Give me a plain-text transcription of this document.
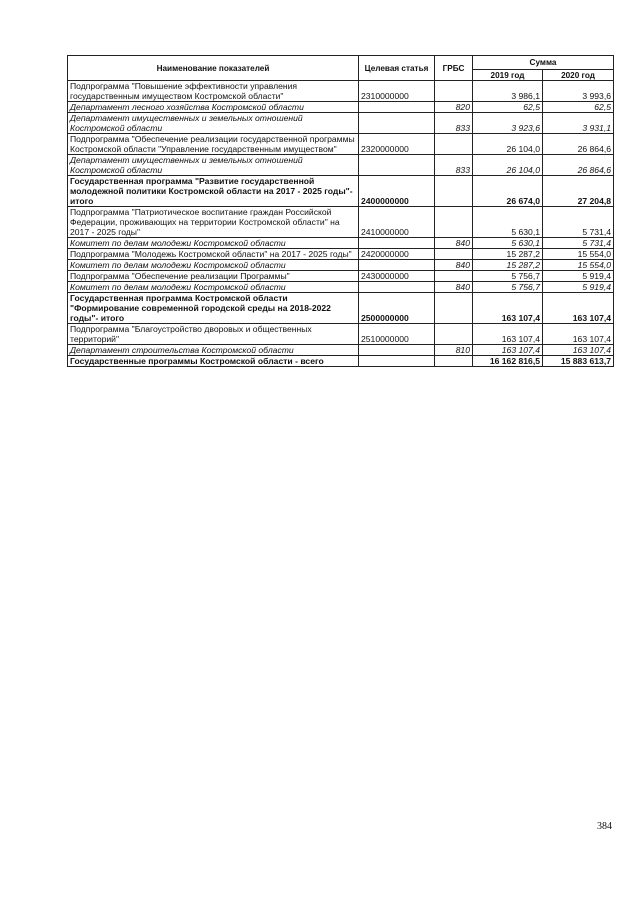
Наименование показателей	Целевая статья	ГРБС	Сумма	
			2019 год	2020 год
Подпрограмма "Повышение эффективности управления государственным имуществом Костромской области"	2310000000		3 986,1	3 993,6
Департамент лесного хозяйства Костромской области		820	62,5	62,5
Департамент имущественных и земельных отношений Костромской области		833	3 923,6	3 931,1
Подпрограмма "Обеспечение реализации государственной программы Костромской области "Управление государственным имуществом"	2320000000		26 104,0	26 864,6
Департамент имущественных и земельных отношений Костромской области		833	26 104,0	26 864,6
Государственная программа "Развитие государственной молодежной политики Костромской области на 2017 - 2025 годы"- итого	2400000000		26 674,0	27 204,8
Подпрограмма "Патриотическое воспитание граждан Российской Федерации, проживающих на территории Костромской области" на 2017 - 2025 годы"	2410000000		5 630,1	5 731,4
Комитет по делам молодежи Костромской области		840	5 630,1	5 731,4
Подпрограмма "Молодежь Костромской области" на 2017 - 2025 годы"	2420000000		15 287,2	15 554,0
Комитет по делам молодежи Костромской области		840	15 287,2	15 554,0
Подпрограмма "Обеспечение реализации Программы"	2430000000		5 756,7	5 919,4
Комитет по делам молодежи Костромской области		840	5 756,7	5 919,4
Государственная программа Костромской области "Формирование современной городской среды на 2018-2022 годы"- итого	2500000000		163 107,4	163 107,4
Подпрограмма "Благоустройство дворовых и общественных территорий"	2510000000		163 107,4	163 107,4
Департамент строительства Костромской области		810	163 107,4	163 107,4
Государственные программы Костромской области - всего			16 162 816,5	15 883 613,7
384
